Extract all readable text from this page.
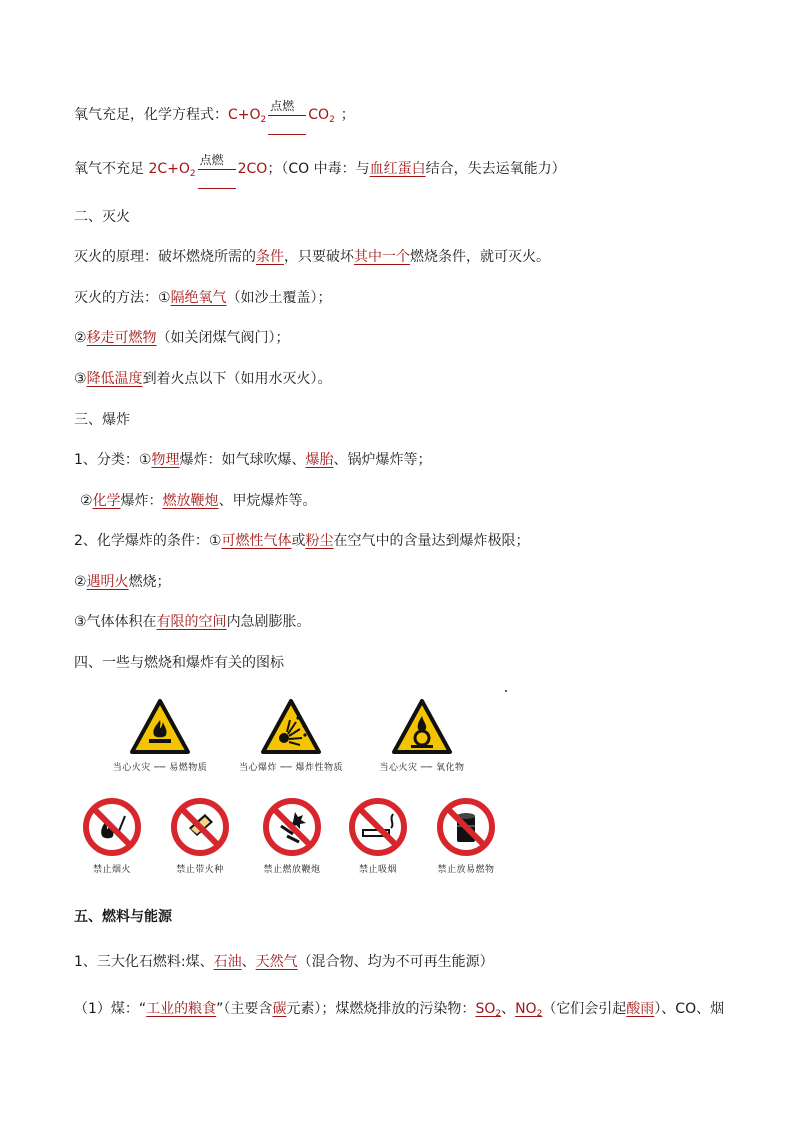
氧气充足，化学方程式：$C+O_2$
点燃
$CO_2$ ；
氧气不充足 $2C+O_2$
点燃
2CO；（CO 中毒：与血红蛋白结合，失去运氧能力）
二、灭火
灭火的原理：破坏燃烧所需的条件，只要破坏其中一个燃烧条件，就可灭火。
灭火的方法：①隔绝氧气（如沙土覆盖）；
②移走可燃物（如关闭煤气阀门）；
③降低温度到着火点以下（如用水灭火）。
三、爆炸
1、分类：①物理爆炸：如气球吹爆、爆胎、锅炉爆炸等；
②化学爆炸：燃放鞭炮、甲烷爆炸等。
2、化学爆炸的条件：①可燃性气体或粉尘在空气中的含量达到爆炸极限；
②遇明火燃烧；
③气体体积在有限的空间内急剧膨胀。
四、一些与燃烧和爆炸有关的图标
当心火灾 ── 易燃物质	当心爆炸 ── 爆炸性物质	当心火灾 ── 氧化物
禁止烟火	禁止带火种	禁止燃放鞭炮	禁止吸烟	禁止放易燃物
五、燃料与能源
1、三大化石燃料:煤、石油、天然气（混合物、均为不可再生能源）
（1）煤：“工业的粮食”（主要含碳元素）；煤燃烧排放的污染物：$SO_2$、$NO_2$（它们会引起酸雨）、CO、烟
